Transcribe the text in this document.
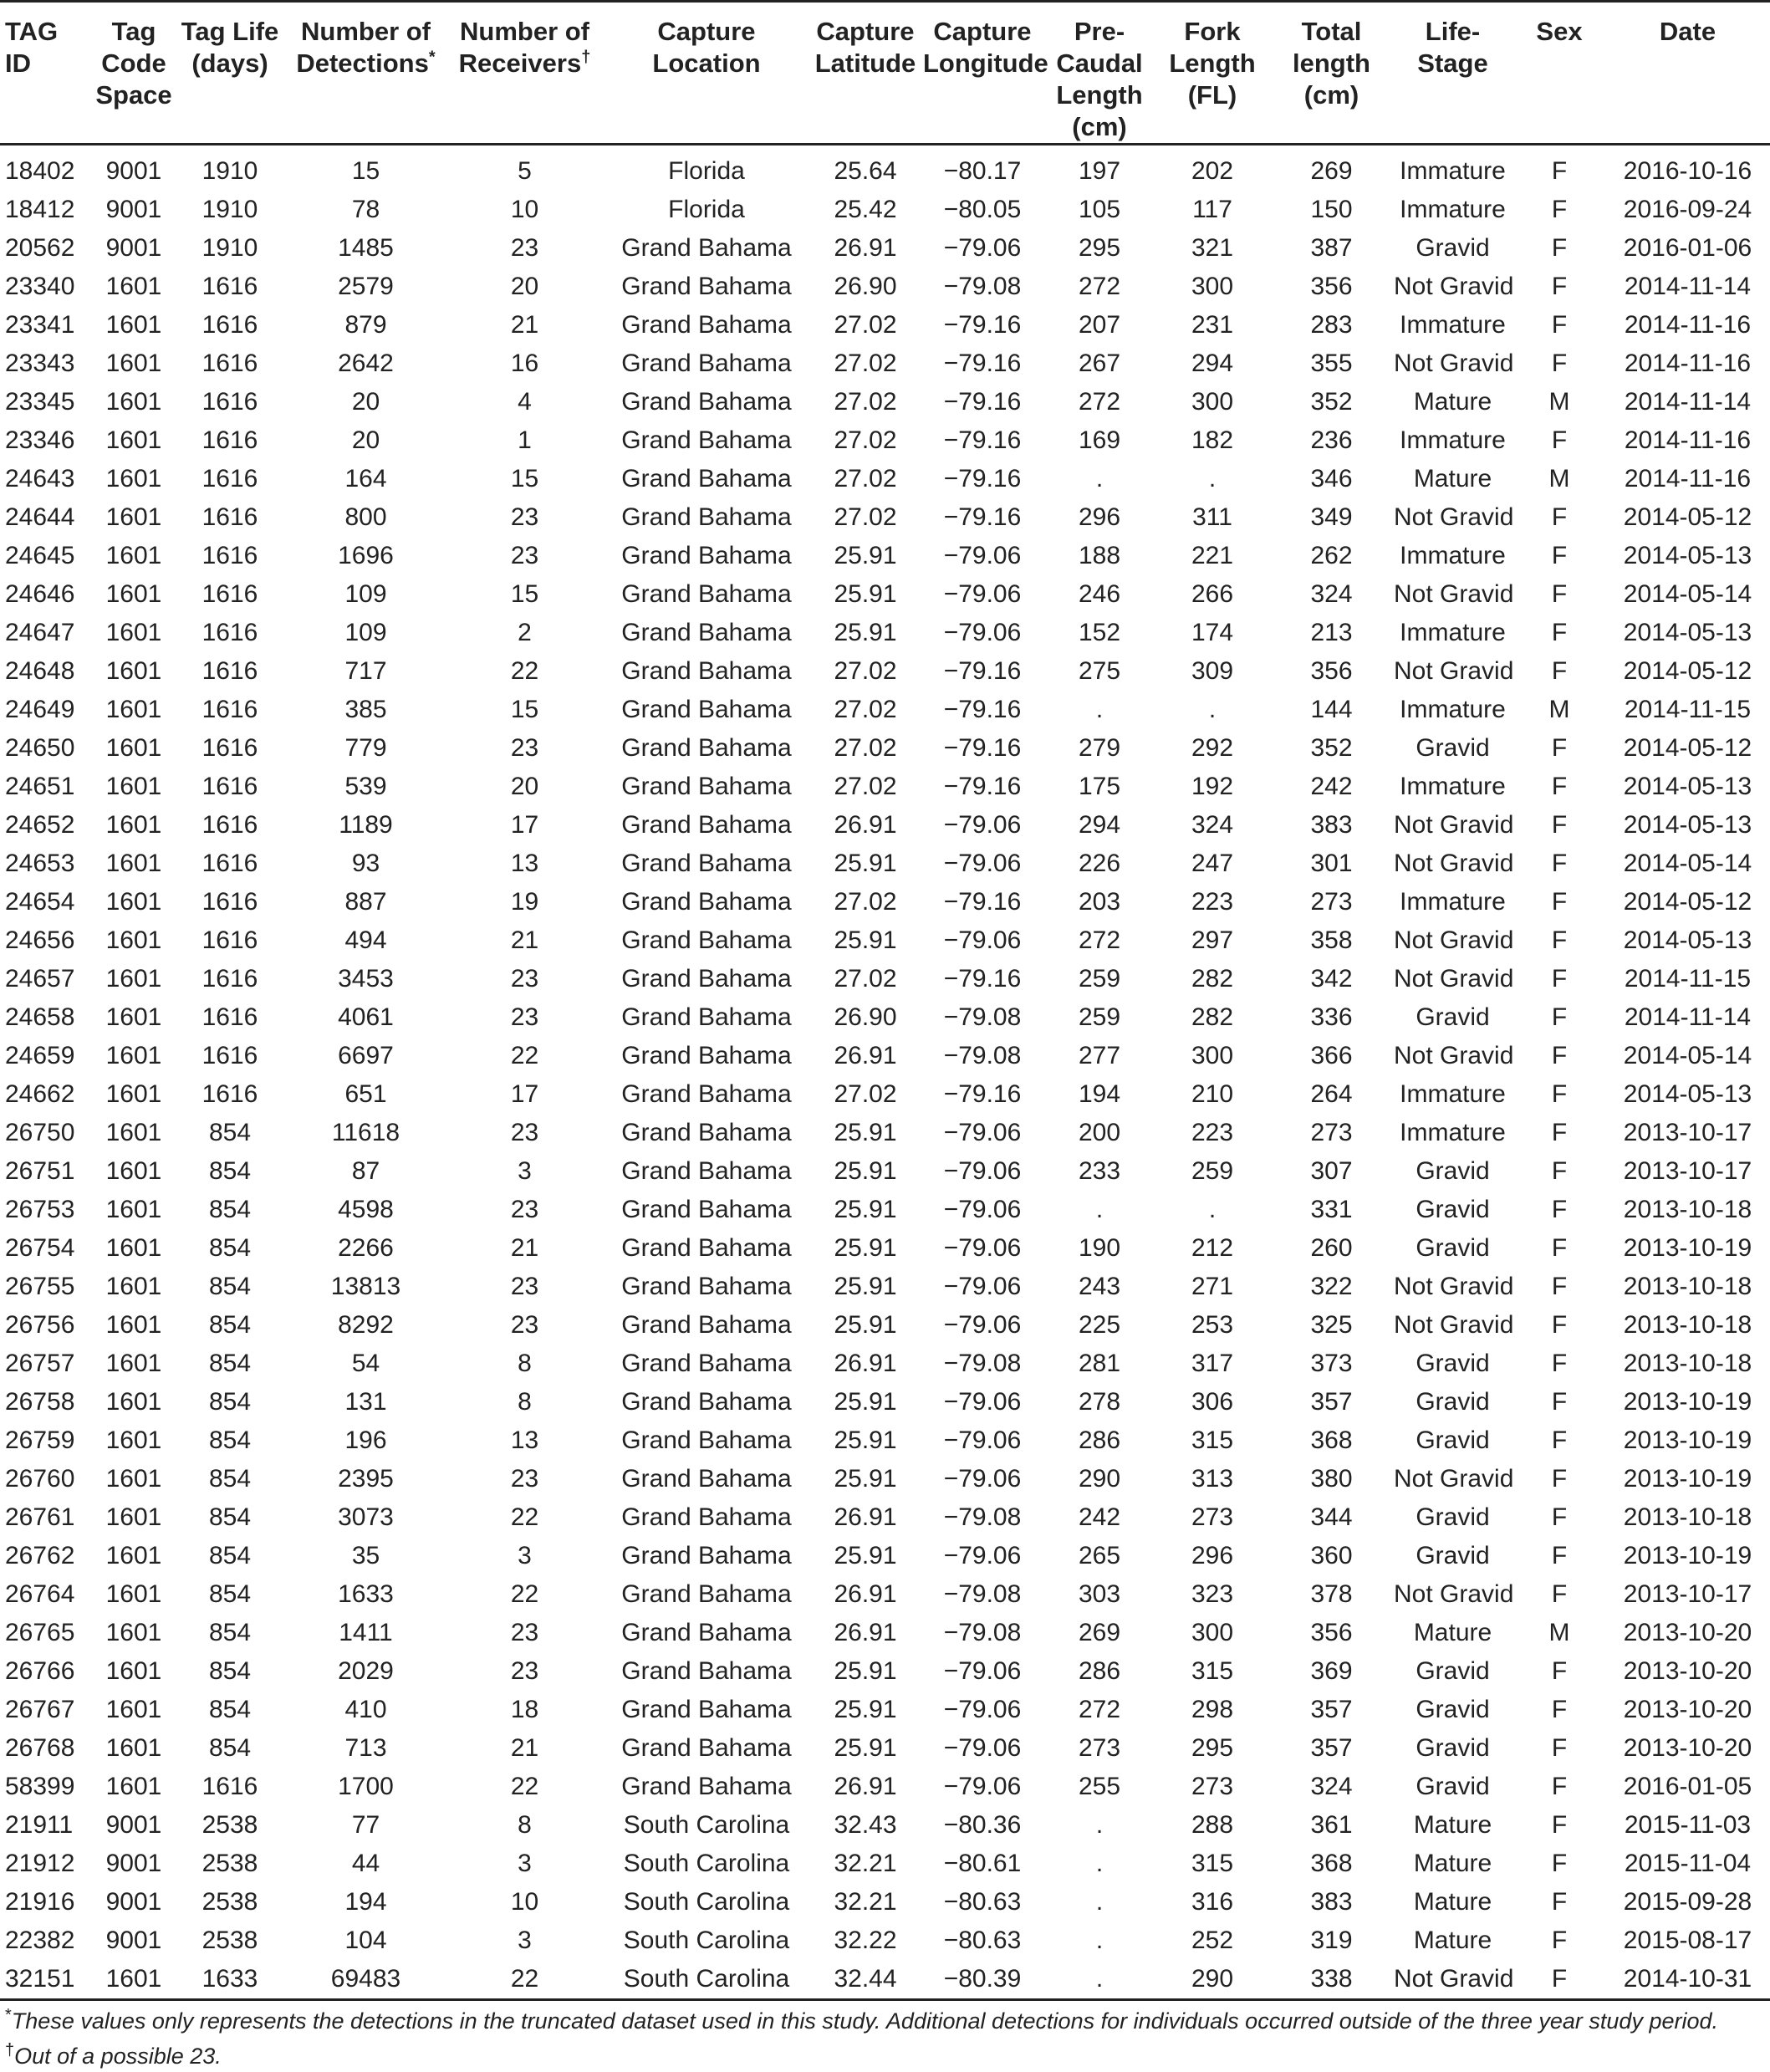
TAG ID	Tag Code Space	Tag Life (days)	Number of Detections*	Number of Receivers†	Capture Location	Capture Latitude	Capture Longitude	Pre-Caudal Length (cm)	Fork Length (FL)	Total length (cm)	Life-Stage	Sex	Date
18402	9001	1910	15	5	Florida	25.64	−80.17	197	202	269	Immature	F	2016-10-16
18412	9001	1910	78	10	Florida	25.42	−80.05	105	117	150	Immature	F	2016-09-24
20562	9001	1910	1485	23	Grand Bahama	26.91	−79.06	295	321	387	Gravid	F	2016-01-06
23340	1601	1616	2579	20	Grand Bahama	26.90	−79.08	272	300	356	Not Gravid	F	2014-11-14
23341	1601	1616	879	21	Grand Bahama	27.02	−79.16	207	231	283	Immature	F	2014-11-16
23343	1601	1616	2642	16	Grand Bahama	27.02	−79.16	267	294	355	Not Gravid	F	2014-11-16
23345	1601	1616	20	4	Grand Bahama	27.02	−79.16	272	300	352	Mature	M	2014-11-14
23346	1601	1616	20	1	Grand Bahama	27.02	−79.16	169	182	236	Immature	F	2014-11-16
24643	1601	1616	164	15	Grand Bahama	27.02	−79.16	.	.	346	Mature	M	2014-11-16
24644	1601	1616	800	23	Grand Bahama	27.02	−79.16	296	311	349	Not Gravid	F	2014-05-12
24645	1601	1616	1696	23	Grand Bahama	25.91	−79.06	188	221	262	Immature	F	2014-05-13
24646	1601	1616	109	15	Grand Bahama	25.91	−79.06	246	266	324	Not Gravid	F	2014-05-14
24647	1601	1616	109	2	Grand Bahama	25.91	−79.06	152	174	213	Immature	F	2014-05-13
24648	1601	1616	717	22	Grand Bahama	27.02	−79.16	275	309	356	Not Gravid	F	2014-05-12
24649	1601	1616	385	15	Grand Bahama	27.02	−79.16	.	.	144	Immature	M	2014-11-15
24650	1601	1616	779	23	Grand Bahama	27.02	−79.16	279	292	352	Gravid	F	2014-05-12
24651	1601	1616	539	20	Grand Bahama	27.02	−79.16	175	192	242	Immature	F	2014-05-13
24652	1601	1616	1189	17	Grand Bahama	26.91	−79.06	294	324	383	Not Gravid	F	2014-05-13
24653	1601	1616	93	13	Grand Bahama	25.91	−79.06	226	247	301	Not Gravid	F	2014-05-14
24654	1601	1616	887	19	Grand Bahama	27.02	−79.16	203	223	273	Immature	F	2014-05-12
24656	1601	1616	494	21	Grand Bahama	25.91	−79.06	272	297	358	Not Gravid	F	2014-05-13
24657	1601	1616	3453	23	Grand Bahama	27.02	−79.16	259	282	342	Not Gravid	F	2014-11-15
24658	1601	1616	4061	23	Grand Bahama	26.90	−79.08	259	282	336	Gravid	F	2014-11-14
24659	1601	1616	6697	22	Grand Bahama	26.91	−79.08	277	300	366	Not Gravid	F	2014-05-14
24662	1601	1616	651	17	Grand Bahama	27.02	−79.16	194	210	264	Immature	F	2014-05-13
26750	1601	854	11618	23	Grand Bahama	25.91	−79.06	200	223	273	Immature	F	2013-10-17
26751	1601	854	87	3	Grand Bahama	25.91	−79.06	233	259	307	Gravid	F	2013-10-17
26753	1601	854	4598	23	Grand Bahama	25.91	−79.06	.	.	331	Gravid	F	2013-10-18
26754	1601	854	2266	21	Grand Bahama	25.91	−79.06	190	212	260	Gravid	F	2013-10-19
26755	1601	854	13813	23	Grand Bahama	25.91	−79.06	243	271	322	Not Gravid	F	2013-10-18
26756	1601	854	8292	23	Grand Bahama	25.91	−79.06	225	253	325	Not Gravid	F	2013-10-18
26757	1601	854	54	8	Grand Bahama	26.91	−79.08	281	317	373	Gravid	F	2013-10-18
26758	1601	854	131	8	Grand Bahama	25.91	−79.06	278	306	357	Gravid	F	2013-10-19
26759	1601	854	196	13	Grand Bahama	25.91	−79.06	286	315	368	Gravid	F	2013-10-19
26760	1601	854	2395	23	Grand Bahama	25.91	−79.06	290	313	380	Not Gravid	F	2013-10-19
26761	1601	854	3073	22	Grand Bahama	26.91	−79.08	242	273	344	Gravid	F	2013-10-18
26762	1601	854	35	3	Grand Bahama	25.91	−79.06	265	296	360	Gravid	F	2013-10-19
26764	1601	854	1633	22	Grand Bahama	26.91	−79.08	303	323	378	Not Gravid	F	2013-10-17
26765	1601	854	1411	23	Grand Bahama	26.91	−79.08	269	300	356	Mature	M	2013-10-20
26766	1601	854	2029	23	Grand Bahama	25.91	−79.06	286	315	369	Gravid	F	2013-10-20
26767	1601	854	410	18	Grand Bahama	25.91	−79.06	272	298	357	Gravid	F	2013-10-20
26768	1601	854	713	21	Grand Bahama	25.91	−79.06	273	295	357	Gravid	F	2013-10-20
58399	1601	1616	1700	22	Grand Bahama	26.91	−79.06	255	273	324	Gravid	F	2016-01-05
21911	9001	2538	77	8	South Carolina	32.43	−80.36	.	288	361	Mature	F	2015-11-03
21912	9001	2538	44	3	South Carolina	32.21	−80.61	.	315	368	Mature	F	2015-11-04
21916	9001	2538	194	10	South Carolina	32.21	−80.63	.	316	383	Mature	F	2015-09-28
22382	9001	2538	104	3	South Carolina	32.22	−80.63	.	252	319	Mature	F	2015-08-17
32151	1601	1633	69483	22	South Carolina	32.44	−80.39	.	290	338	Not Gravid	F	2014-10-31
*These values only represents the detections in the truncated dataset used in this study. Additional detections for individuals occurred outside of the three year study period.
†Out of a possible 23.
